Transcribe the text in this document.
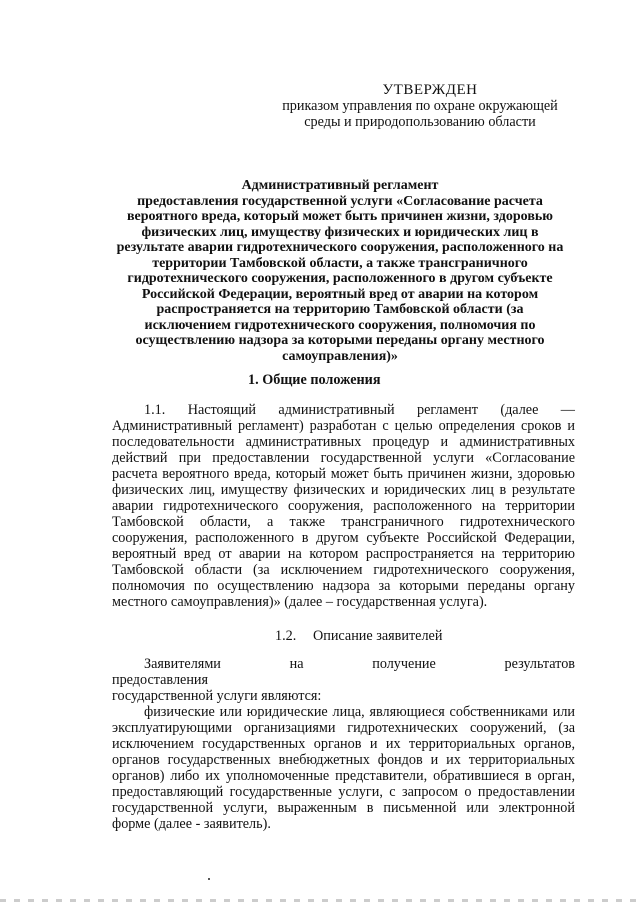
УТВЕРЖДЕН
приказом управления по охране окружающей
среды и природопользованию области
Административный регламент
предоставления государственной услуги «Согласование расчета
вероятного вреда, который может быть причинен жизни, здоровью
физических лиц, имуществу физических и юридических лиц в
результате аварии гидротехнического сооружения, расположенного на
территории Тамбовской области, а также трансграничного
гидротехнического сооружения, расположенного в другом субъекте
Российской Федерации, вероятный вред от аварии на котором
распространяется на территорию Тамбовской области (за
исключением гидротехнического сооружения, полномочия по
осуществлению надзора за которыми переданы органу местного
самоуправления)»
1. Общие положения
1.1. Настоящий административный регламент (далее — Административный регламент) разработан с целью определения сроков и последовательности административных процедур и административных действий при предоставлении государственной услуги «Согласование расчета вероятного вреда, который может быть причинен жизни, здоровью физических лиц, имуществу физических и юридических лиц в результате аварии гидротехнического сооружения, расположенного на территории Тамбовской области, а также трансграничного гидротехнического сооружения, расположенного в другом субъекте Российской Федерации, вероятный вред от аварии на котором распространяется на территорию Тамбовской области (за исключением гидротехнического сооружения, полномочия по осуществлению надзора за которыми переданы органу местного самоуправления)» (далее – государственная услуга).
1.2. Описание заявителей
Заявителями на получение результатов предоставления
государственной услуги являются:
физические или юридические лица, являющиеся собственниками или эксплуатирующими организациями гидротехнических сооружений, (за исключением государственных органов и их территориальных органов, органов государственных внебюджетных фондов и их территориальных органов) либо их уполномоченные представители, обратившиеся в орган, предоставляющий государственные услуги, с запросом о предоставлении государственной услуги, выраженным в письменной или электронной форме (далее - заявитель).
